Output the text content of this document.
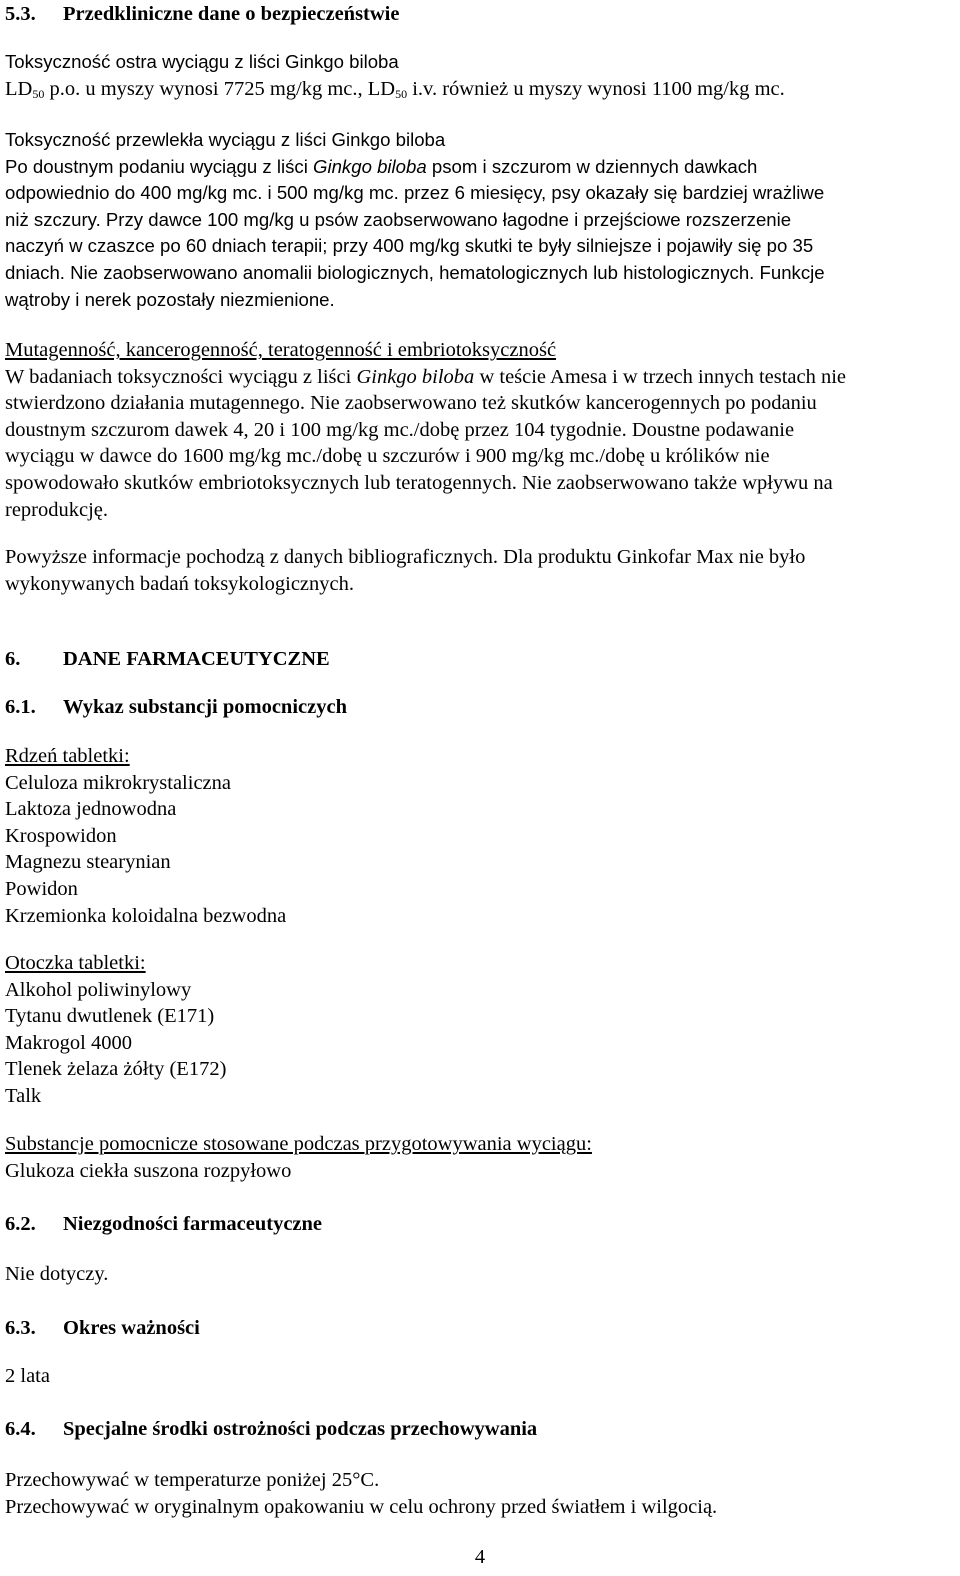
5.3. Przedkliniczne dane o bezpieczeństwie
Toksyczność ostra wyciągu z liści Ginkgo biloba
$LD_{50}$ p.o. u myszy wynosi 7725 mg/kg mc., $LD_{50}$ i.v. również u myszy wynosi 1100 mg/kg mc.
Toksyczność przewlekła wyciągu z liści Ginkgo biloba
Po doustnym podaniu wyciągu z liści Ginkgo biloba psom i szczurom w dziennych dawkach
odpowiednio do 400 mg/kg mc. i 500 mg/kg mc. przez 6 miesięcy, psy okazały się bardziej wrażliwe
niż szczury. Przy dawce 100 mg/kg u psów zaobserwowano łagodne i przejściowe rozszerzenie
naczyń w czaszce po 60 dniach terapii; przy 400 mg/kg skutki te były silniejsze i pojawiły się po 35
dniach. Nie zaobserwowano anomalii biologicznych, hematologicznych lub histologicznych. Funkcje
wątroby i nerek pozostały niezmienione.
Mutagenność, kancerogenność, teratogenność i embriotoksyczność
W badaniach toksyczności wyciągu z liści Ginkgo biloba w teście Amesa i w trzech innych testach nie
stwierdzono działania mutagennego. Nie zaobserwowano też skutków kancerogennych po podaniu
doustnym szczurom dawek 4, 20 i 100 mg/kg mc./dobę przez 104 tygodnie. Doustne podawanie
wyciągu w dawce do 1600 mg/kg mc./dobę u szczurów i 900 mg/kg mc./dobę u królików nie
spowodowało skutków embriotoksycznych lub teratogennych. Nie zaobserwowano także wpływu na
reprodukcję.
Powyższe informacje pochodzą z danych bibliograficznych. Dla produktu Ginkofar Max nie było
wykonywanych badań toksykologicznych.
6. DANE FARMACEUTYCZNE
6.1. Wykaz substancji pomocniczych
Rdzeń tabletki:
Celuloza mikrokrystaliczna
Laktoza jednowodna
Krospowidon
Magnezu stearynian
Powidon
Krzemionka koloidalna bezwodna
Otoczka tabletki:
Alkohol poliwinylowy
Tytanu dwutlenek (E171)
Makrogol 4000
Tlenek żelaza żółty (E172)
Talk
Substancje pomocnicze stosowane podczas przygotowywania wyciągu:
Glukoza ciekła suszona rozpyłowo
6.2. Niezgodności farmaceutyczne
Nie dotyczy.
6.3. Okres ważności
2 lata
6.4. Specjalne środki ostrożności podczas przechowywania
Przechowywać w temperaturze poniżej 25°C.
Przechowywać w oryginalnym opakowaniu w celu ochrony przed światłem i wilgocią.
4
